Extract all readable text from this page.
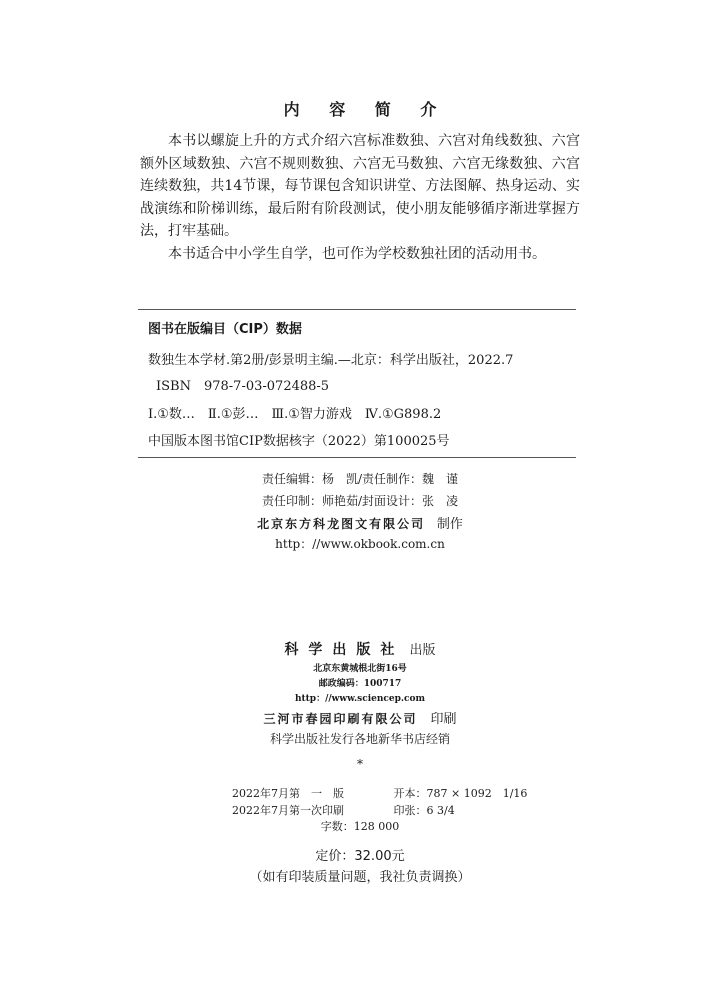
内 容 简 介

本书以螺旋上升的方式介绍六宫标准数独、六宫对角线数独、六宫额外区域数独、六宫不规则数独、六宫无马数独、六宫无缘数独、六宫连续数独，共14节课，每节课包含知识讲堂、方法图解、热身运动、实战演练和阶梯训练，最后附有阶段测试，使小朋友能够循序渐进掌握方法，打牢基础。

本书适合中小学生自学，也可作为学校数独社团的活动用书。

图书在版编目（CIP）数据
数独生本学材.第2册/彭景明主编.—北京：科学出版社，2022.7
ISBN　978-7-03-072488-5
Ⅰ.①数…　Ⅱ.①彭…　Ⅲ.①智力游戏　Ⅳ.①G898.2
中国版本图书馆CIP数据核字（2022）第100025号
责任编辑：杨　凯/责任制作：魏　谨
责任印制：师艳茹/封面设计：张　凌
北京东方科龙图文有限公司 制作
http：//www.okbook.com.cn
科学出版社 出版
北京东黄城根北街16号
邮政编码：100717
http：//www.sciencep.com
三河市春园印刷有限公司 印刷
科学出版社发行各地新华书店经销
*
2022年7月第　一　版	开本：787 × 1092　1/16
2022年7月第一次印刷	印张：6 3/4
字数：128 000
定价：32.00元
（如有印装质量问题，我社负责调换）
